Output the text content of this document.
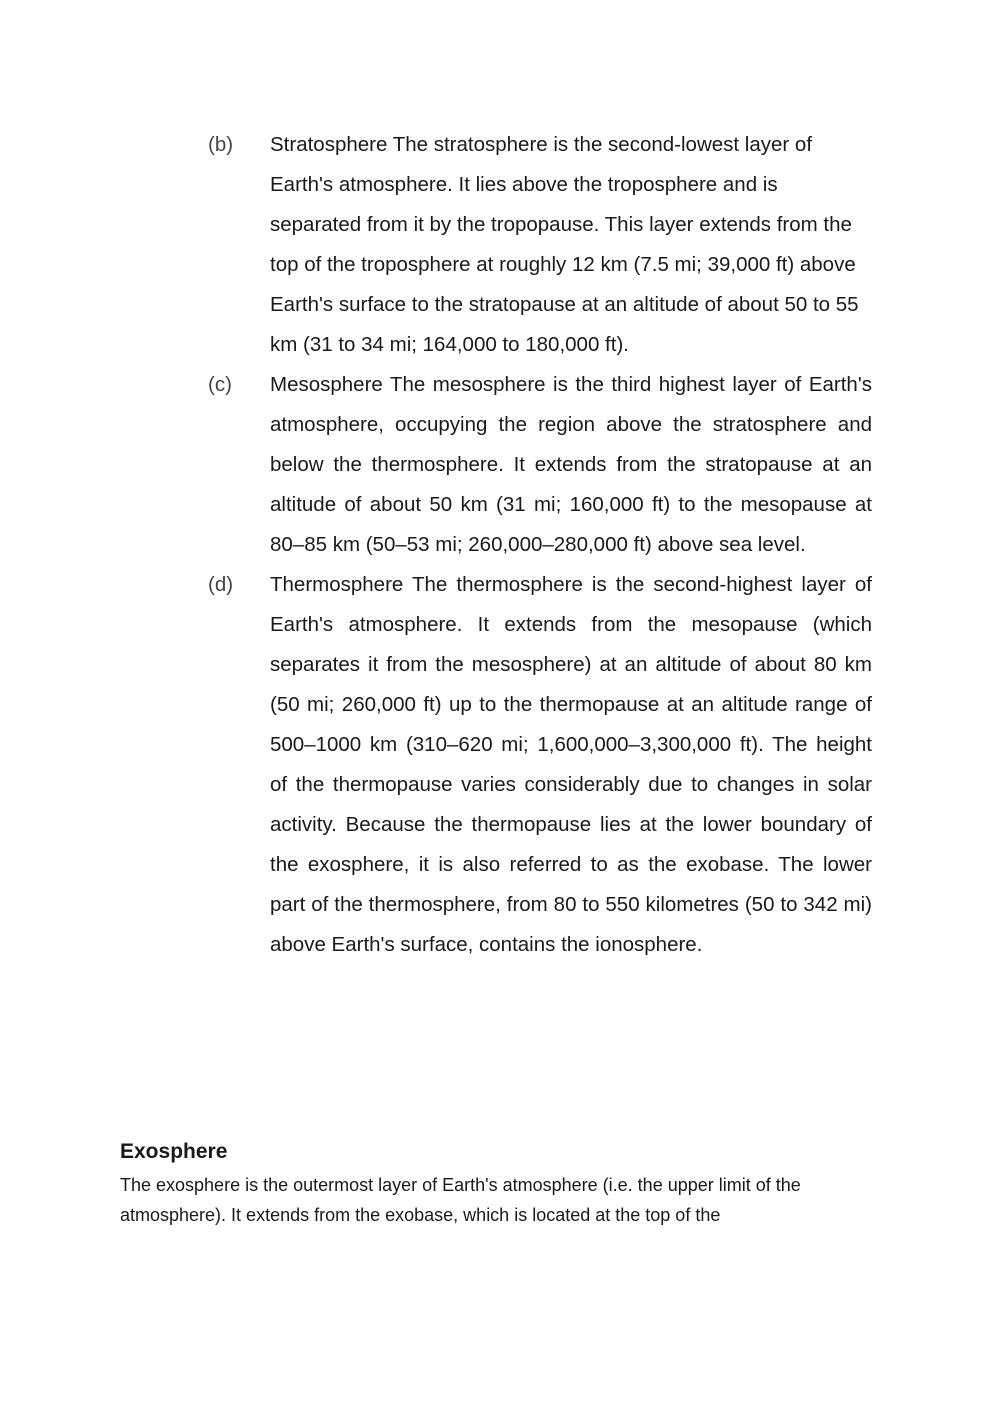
(b)	Stratosphere The stratosphere is the second-lowest layer of Earth's atmosphere. It lies above the troposphere and is separated from it by the tropopause. This layer extends from the top of the troposphere at roughly 12 km (7.5 mi; 39,000 ft) above Earth's surface to the stratopause at an altitude of about 50 to 55 km (31 to 34 mi; 164,000 to 180,000 ft).
(c)	Mesosphere The mesosphere is the third highest layer of Earth's atmosphere, occupying the region above the stratosphere and below the thermosphere. It extends from the stratopause at an altitude of about 50 km (31 mi; 160,000 ft) to the mesopause at 80–85 km (50–53 mi; 260,000–280,000 ft) above sea level.
(d)	Thermosphere The thermosphere is the second-highest layer of Earth's atmosphere. It extends from the mesopause (which separates it from the mesosphere) at an altitude of about 80 km (50 mi; 260,000 ft) up to the thermopause at an altitude range of 500–1000 km (310–620 mi; 1,600,000–3,300,000 ft). The height of the thermopause varies considerably due to changes in solar activity. Because the thermopause lies at the lower boundary of the exosphere, it is also referred to as the exobase. The lower part of the thermosphere, from 80 to 550 kilometres (50 to 342 mi) above Earth's surface, contains the ionosphere.
Exosphere

The exosphere is the outermost layer of Earth's atmosphere (i.e. the upper limit of the atmosphere). It extends from the exobase, which is located at the top of the
